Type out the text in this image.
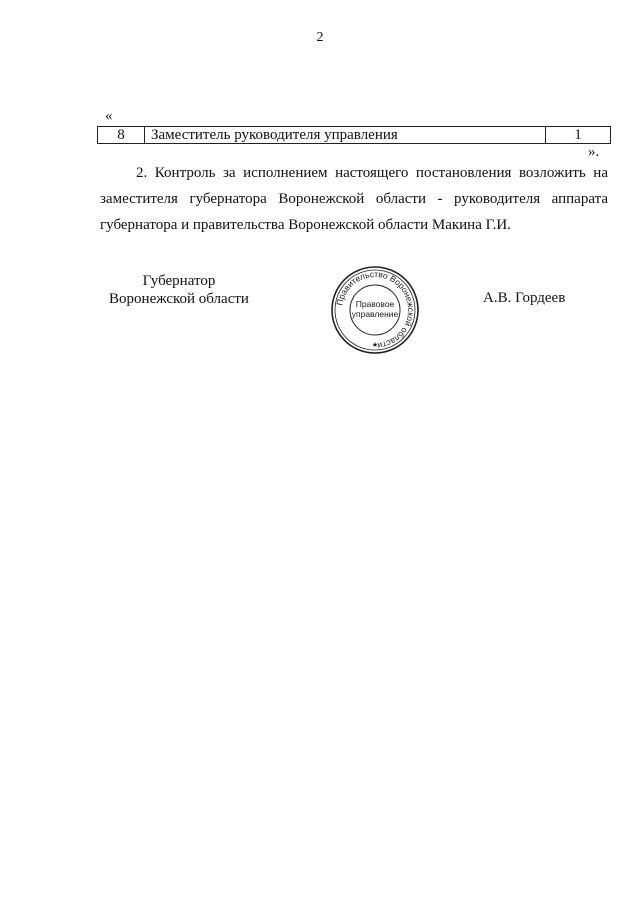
2
«
8	Заместитель руководителя управления	1
».
2. Контроль за исполнением настоящего постановления возложить на заместителя губернатора Воронежской области - руководителя аппарата губернатора и правительства Воронежской области Макина Г.И.
Губернатор
Воронежской области	Правительство Воронежской области
Правовое
управление
★
А.В. Гордеев
